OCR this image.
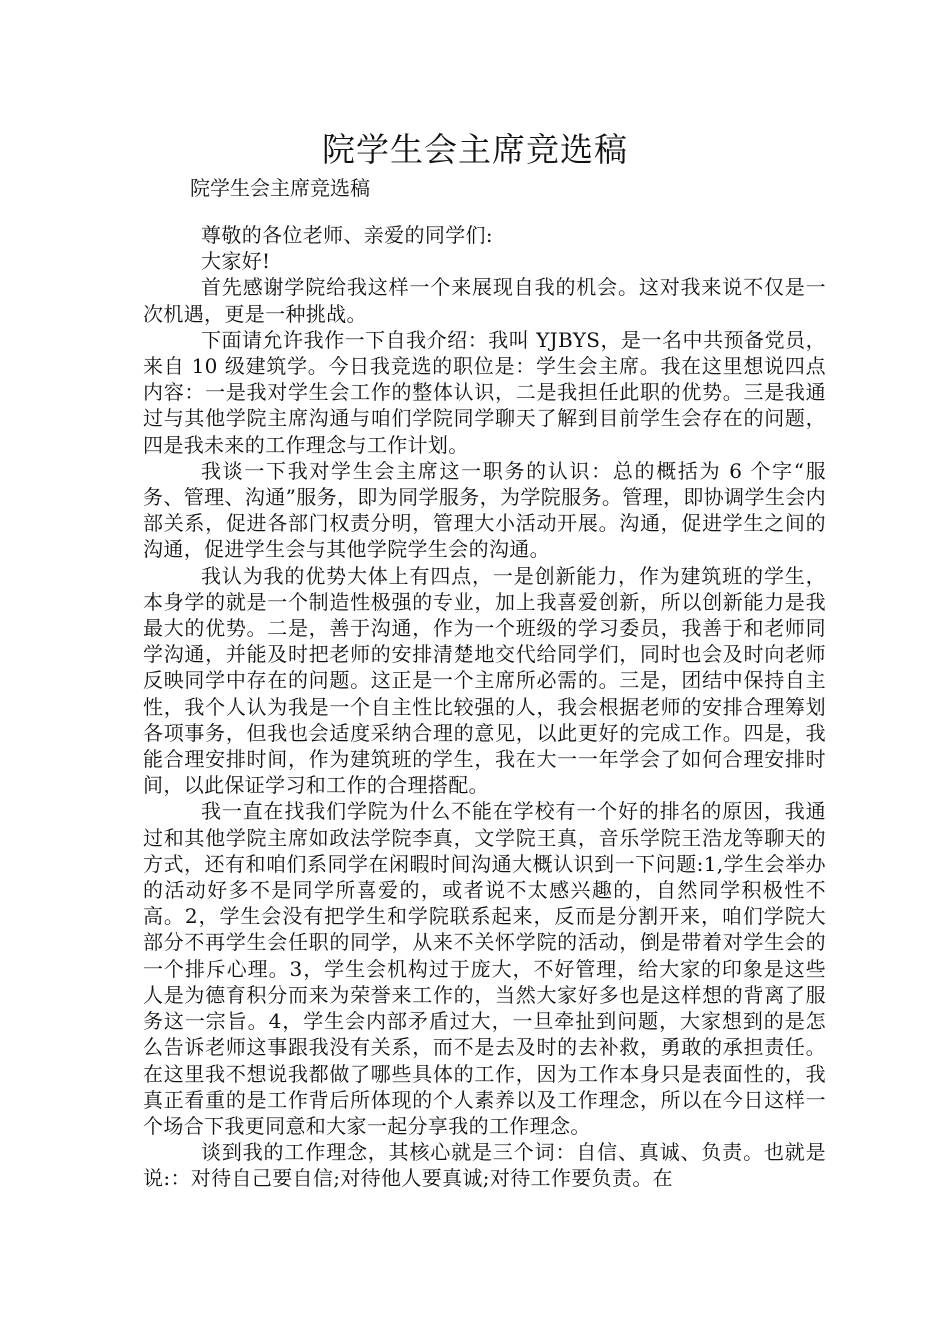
院学生会主席竞选稿

院学生会主席竞选稿

尊敬的各位老师、亲爱的同学们:

大家好!

首先感谢学院给我这样一个来展现自我的机会。这对我来说不仅是一次机遇，更是一种挑战。

下面请允许我作一下自我介绍：我叫 YJBYS，是一名中共预备党员，来自 10 级建筑学。今日我竞选的职位是：学生会主席。我在这里想说四点内容：一是我对学生会工作的整体认识，二是我担任此职的优势。三是我通过与其他学院主席沟通与咱们学院同学聊天了解到目前学生会存在的问题，四是我未来的工作理念与工作计划。

我谈一下我对学生会主席这一职务的认识：总的概括为 6 个字“服务、管理、沟通”服务，即为同学服务，为学院服务。管理，即协调学生会内部关系，促进各部门权责分明，管理大小活动开展。沟通，促进学生之间的沟通，促进学生会与其他学院学生会的沟通。

我认为我的优势大体上有四点，一是创新能力，作为建筑班的学生，本身学的就是一个制造性极强的专业，加上我喜爱创新，所以创新能力是我最大的优势。二是，善于沟通，作为一个班级的学习委员，我善于和老师同学沟通，并能及时把老师的安排清楚地交代给同学们，同时也会及时向老师反映同学中存在的问题。这正是一个主席所必需的。三是，团结中保持自主性，我个人认为我是一个自主性比较强的人，我会根据老师的安排合理筹划各项事务，但我也会适度采纳合理的意见，以此更好的完成工作。四是，我能合理安排时间，作为建筑班的学生，我在大一一年学会了如何合理安排时间，以此保证学习和工作的合理搭配。

我一直在找我们学院为什么不能在学校有一个好的排名的原因，我通过和其他学院主席如政法学院李真，文学院王真，音乐学院王浩龙等聊天的方式，还有和咱们系同学在闲暇时间沟通大概认识到一下问题:1,学生会举办的活动好多不是同学所喜爱的，或者说不太感兴趣的，自然同学积极性不高。2，学生会没有把学生和学院联系起来，反而是分割开来，咱们学院大部分不再学生会任职的同学，从来不关怀学院的活动，倒是带着对学生会的一个排斥心理。3，学生会机构过于庞大，不好管理，给大家的印象是这些人是为德育积分而来为荣誉来工作的，当然大家好多也是这样想的背离了服务这一宗旨。4，学生会内部矛盾过大，一旦牵扯到问题，大家想到的是怎么告诉老师这事跟我没有关系，而不是去及时的去补救，勇敢的承担责任。 在这里我不想说我都做了哪些具体的工作，因为工作本身只是表面性的，我真正看重的是工作背后所体现的个人素养以及工作理念，所以在今日这样一个场合下我更同意和大家一起分享我的工作理念。

谈到我的工作理念，其核心就是三个词：自信、真诚、负责。也就是说:：对待自己要自信;对待他人要真诚;对待工作要负责。在
